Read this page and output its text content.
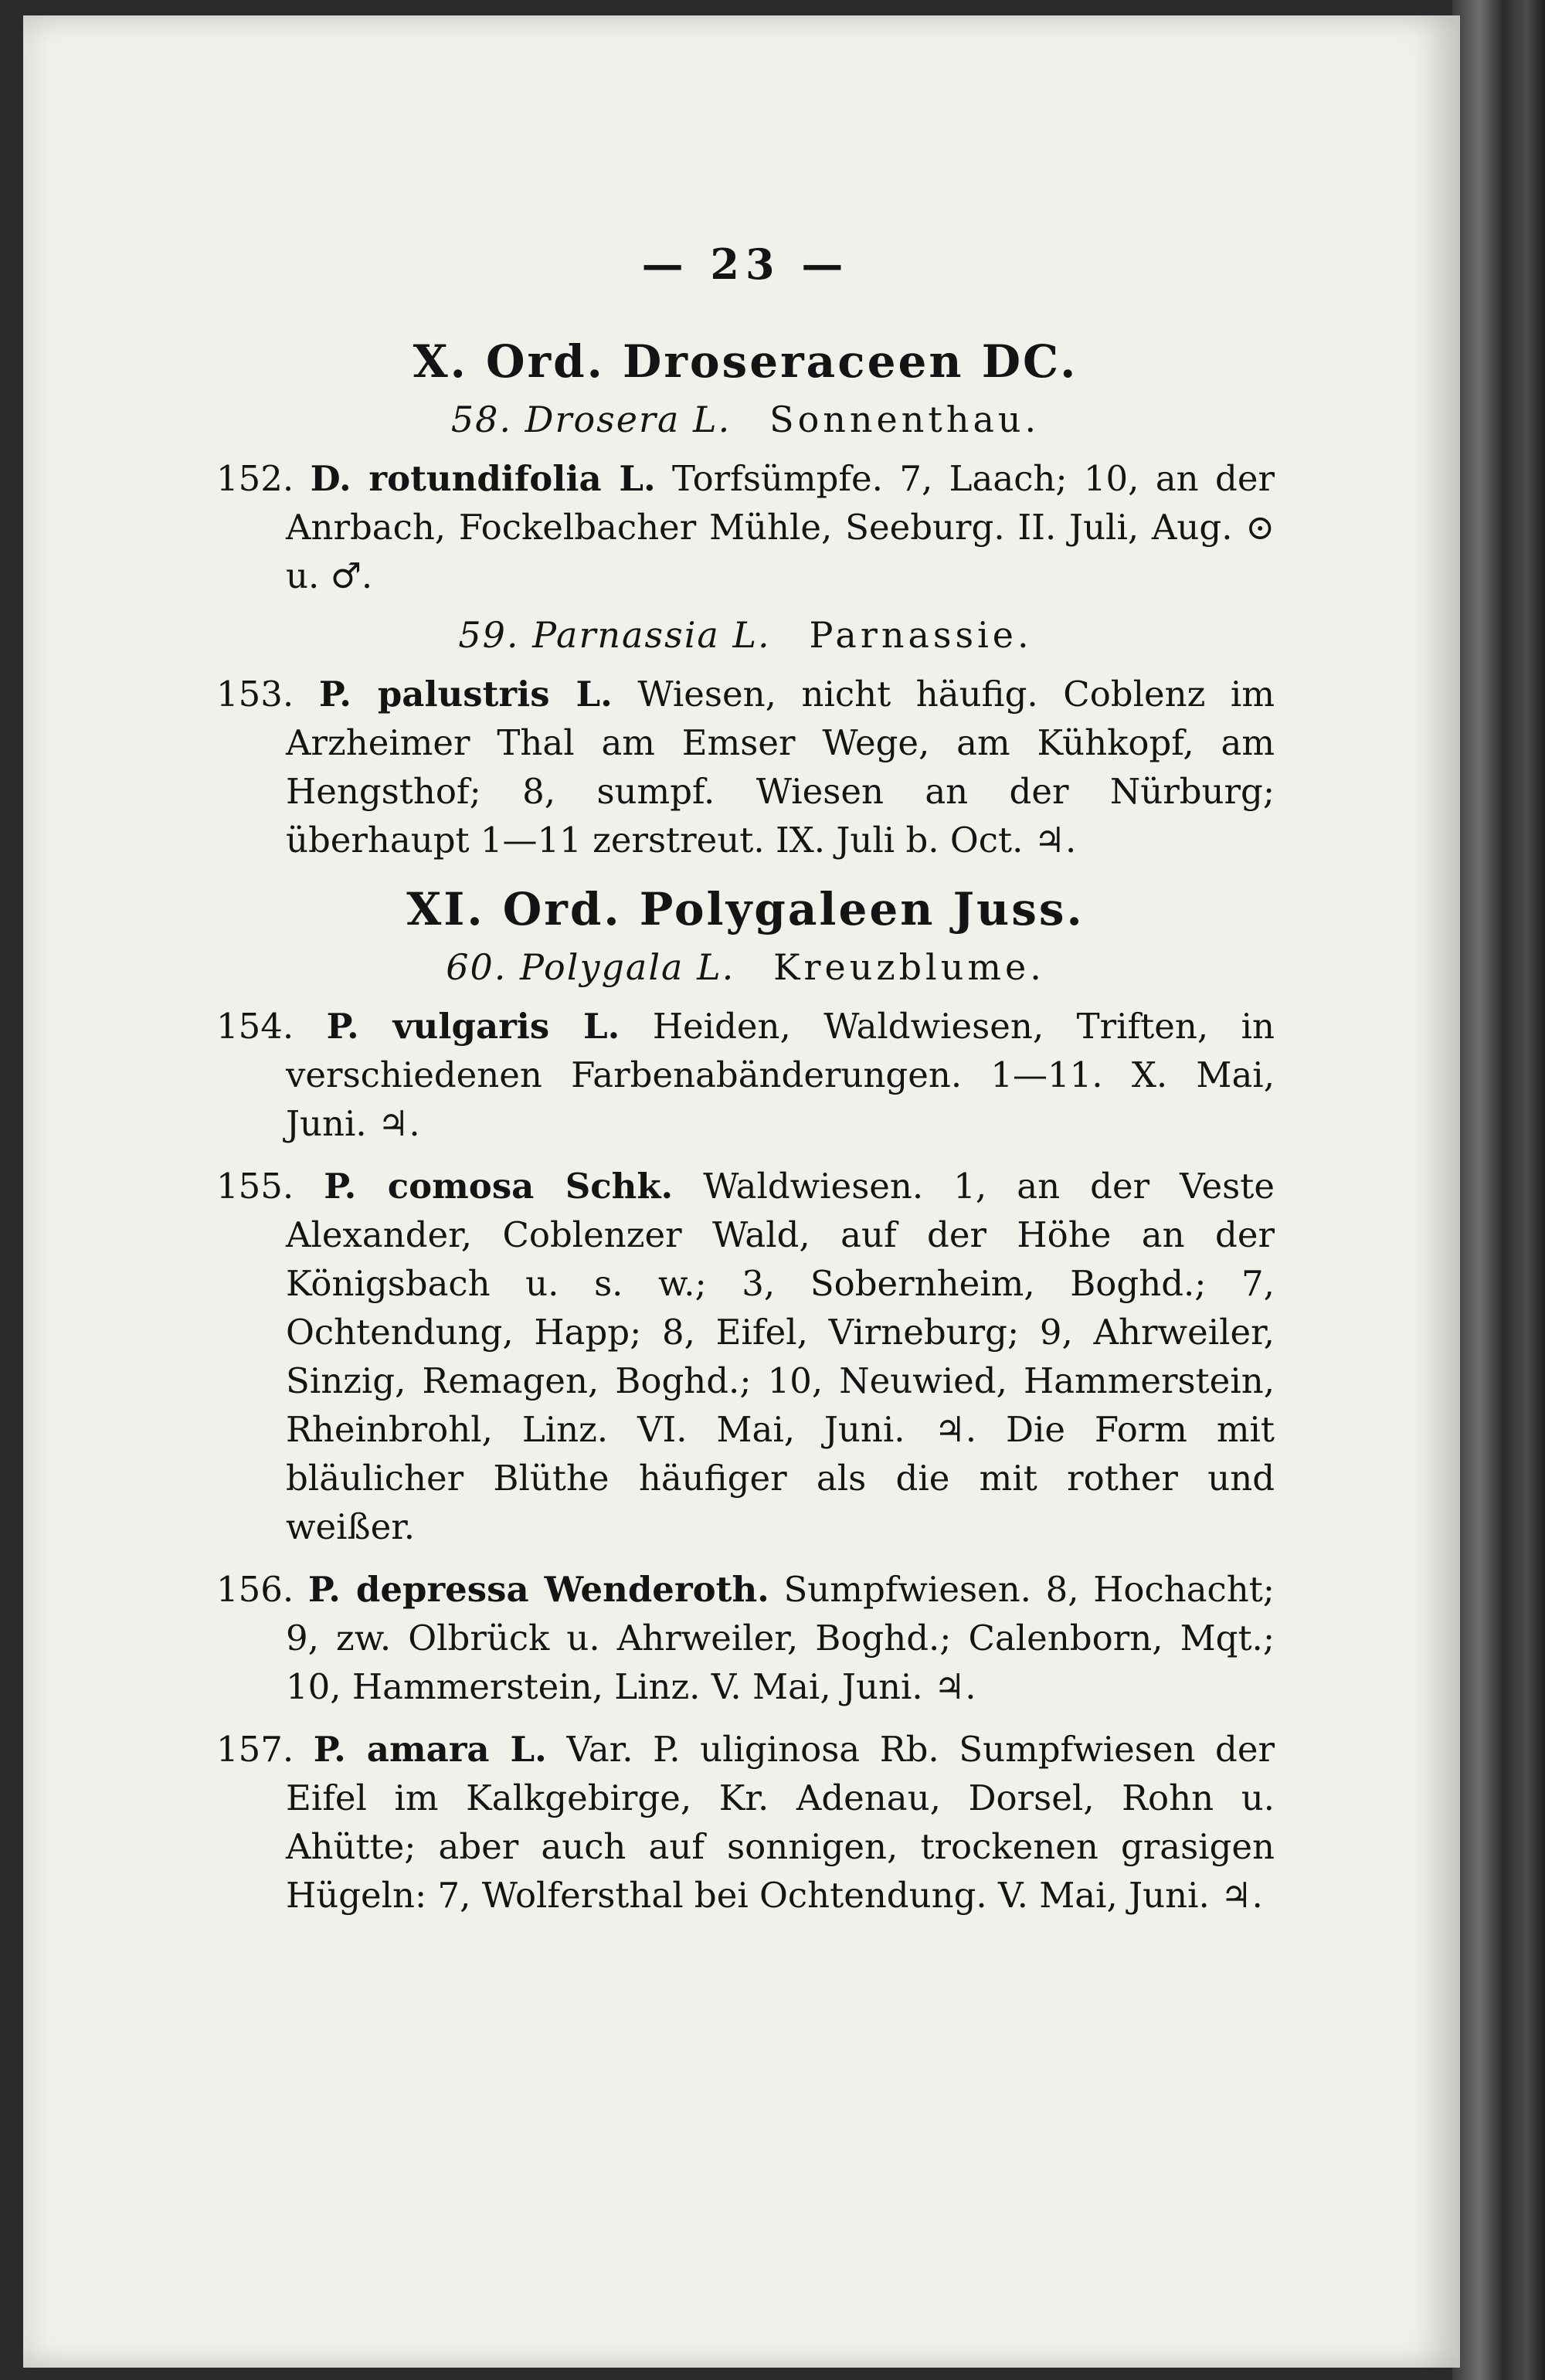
— 23 —
X. Ord. Droseraceen DC.
58. Drosera L. Sonnenthau.

152. D. rotundifolia L. Torfsümpfe. 7, Laach; 10, an der Anrbach, Fockelbacher Mühle, Seeburg. II. Juli, Aug. ⊙ u. ♂.

59. Parnassia L. Parnassie.

153. P. palustris L. Wiesen, nicht häufig. Coblenz im Arzheimer Thal am Emser Wege, am Kühkopf, am Hengsthof; 8, sumpf. Wiesen an der Nürburg; überhaupt 1—11 zerstreut. IX. Juli b. Oct. ♃.

XI. Ord. Polygaleen Juss.
60. Polygala L. Kreuzblume.

154. P. vulgaris L. Heiden, Waldwiesen, Triften, in verschiedenen Farbenabänderungen. 1—11. X. Mai, Juni. ♃.

155. P. comosa Schk. Waldwiesen. 1, an der Veste Alexander, Coblenzer Wald, auf der Höhe an der Königsbach u. s. w.; 3, Sobernheim, Boghd.; 7, Ochtendung, Happ; 8, Eifel, Virneburg; 9, Ahrweiler, Sinzig, Remagen, Boghd.; 10, Neuwied, Hammerstein, Rheinbrohl, Linz. VI. Mai, Juni. ♃. Die Form mit bläulicher Blüthe häufiger als die mit rother und weißer.

156. P. depressa Wenderoth. Sumpfwiesen. 8, Hochacht; 9, zw. Olbrück u. Ahrweiler, Boghd.; Calenborn, Mqt.; 10, Hammerstein, Linz. V. Mai, Juni. ♃.

157. P. amara L. Var. P. uliginosa Rb. Sumpfwiesen der Eifel im Kalkgebirge, Kr. Adenau, Dorsel, Rohn u. Ahütte; aber auch auf sonnigen, trockenen grasigen Hügeln: 7, Wolfersthal bei Ochtendung. V. Mai, Juni. ♃.
